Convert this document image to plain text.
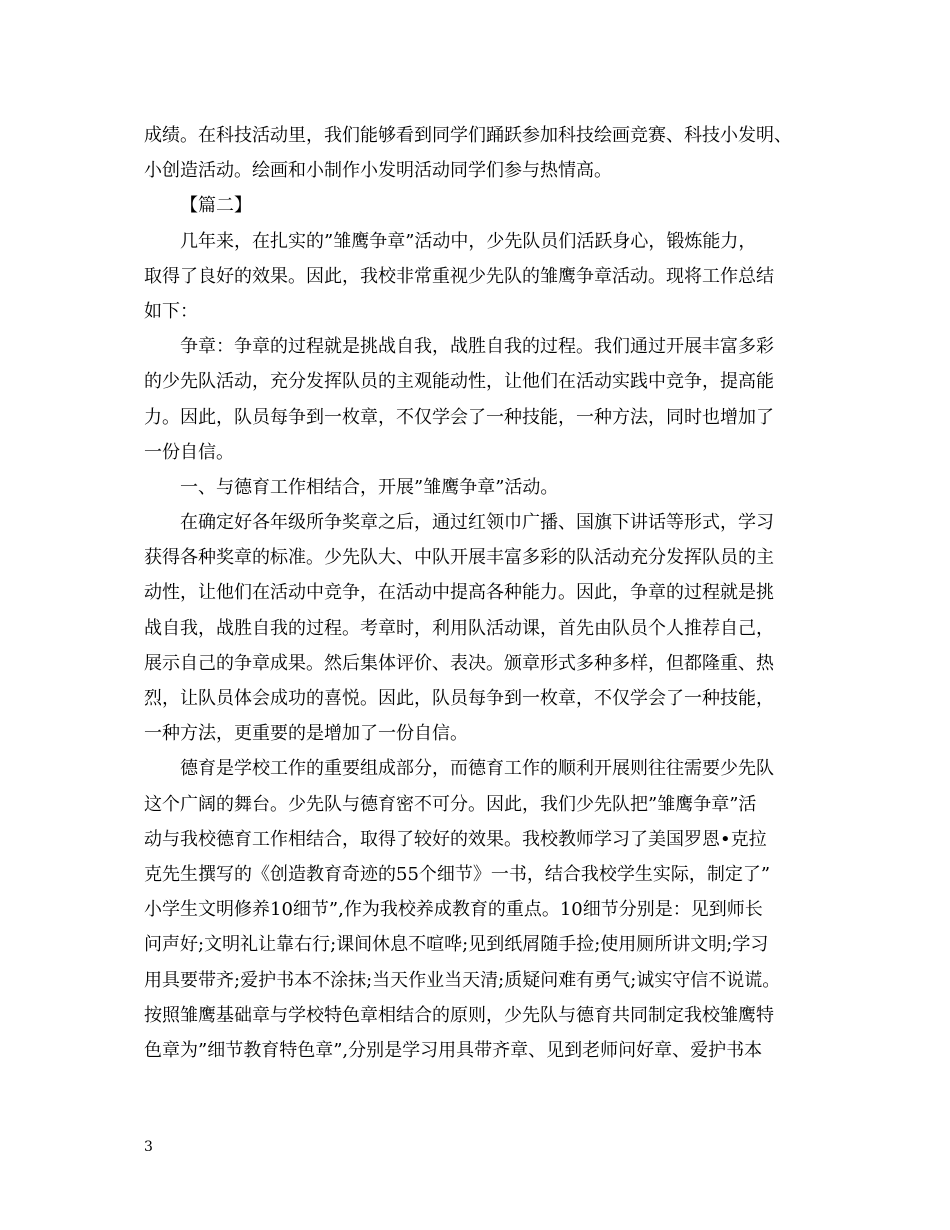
成绩。在科技活动里，我们能够看到同学们踊跃参加科技绘画竞赛、科技小发明、
小创造活动。绘画和小制作小发明活动同学们参与热情高。
【篇二】
几年来，在扎实的”雏鹰争章”活动中，少先队员们活跃身心，锻炼能力，
取得了良好的效果。因此，我校非常重视少先队的雏鹰争章活动。现将工作总结
如下：
争章：争章的过程就是挑战自我，战胜自我的过程。我们通过开展丰富多彩
的少先队活动，充分发挥队员的主观能动性，让他们在活动实践中竞争，提高能
力。因此，队员每争到一枚章，不仅学会了一种技能，一种方法，同时也增加了
一份自信。
一、与德育工作相结合，开展”雏鹰争章”活动。
在确定好各年级所争奖章之后，通过红领巾广播、国旗下讲话等形式，学习
获得各种奖章的标准。少先队大、中队开展丰富多彩的队活动充分发挥队员的主
动性，让他们在活动中竞争，在活动中提高各种能力。因此，争章的过程就是挑
战自我，战胜自我的过程。考章时，利用队活动课，首先由队员个人推荐自己，
展示自己的争章成果。然后集体评价、表决。颁章形式多种多样，但都隆重、热
烈，让队员体会成功的喜悦。因此，队员每争到一枚章，不仅学会了一种技能，
一种方法，更重要的是增加了一份自信。
德育是学校工作的重要组成部分，而德育工作的顺利开展则往往需要少先队
这个广阔的舞台。少先队与德育密不可分。因此，我们少先队把”雏鹰争章”活
动与我校德育工作相结合，取得了较好的效果。我校教师学习了美国罗恩•克拉
克先生撰写的《创造教育奇迹的55个细节》一书，结合我校学生实际，制定了”
小学生文明修养10细节”,作为我校养成教育的重点。10细节分别是：见到师长
问声好;文明礼让靠右行;课间休息不喧哗;见到纸屑随手捡;使用厕所讲文明;学习
用具要带齐;爱护书本不涂抹;当天作业当天清;质疑问难有勇气;诚实守信不说谎。
按照雏鹰基础章与学校特色章相结合的原则，少先队与德育共同制定我校雏鹰特
色章为”细节教育特色章”,分别是学习用具带齐章、见到老师问好章、爱护书本
3
